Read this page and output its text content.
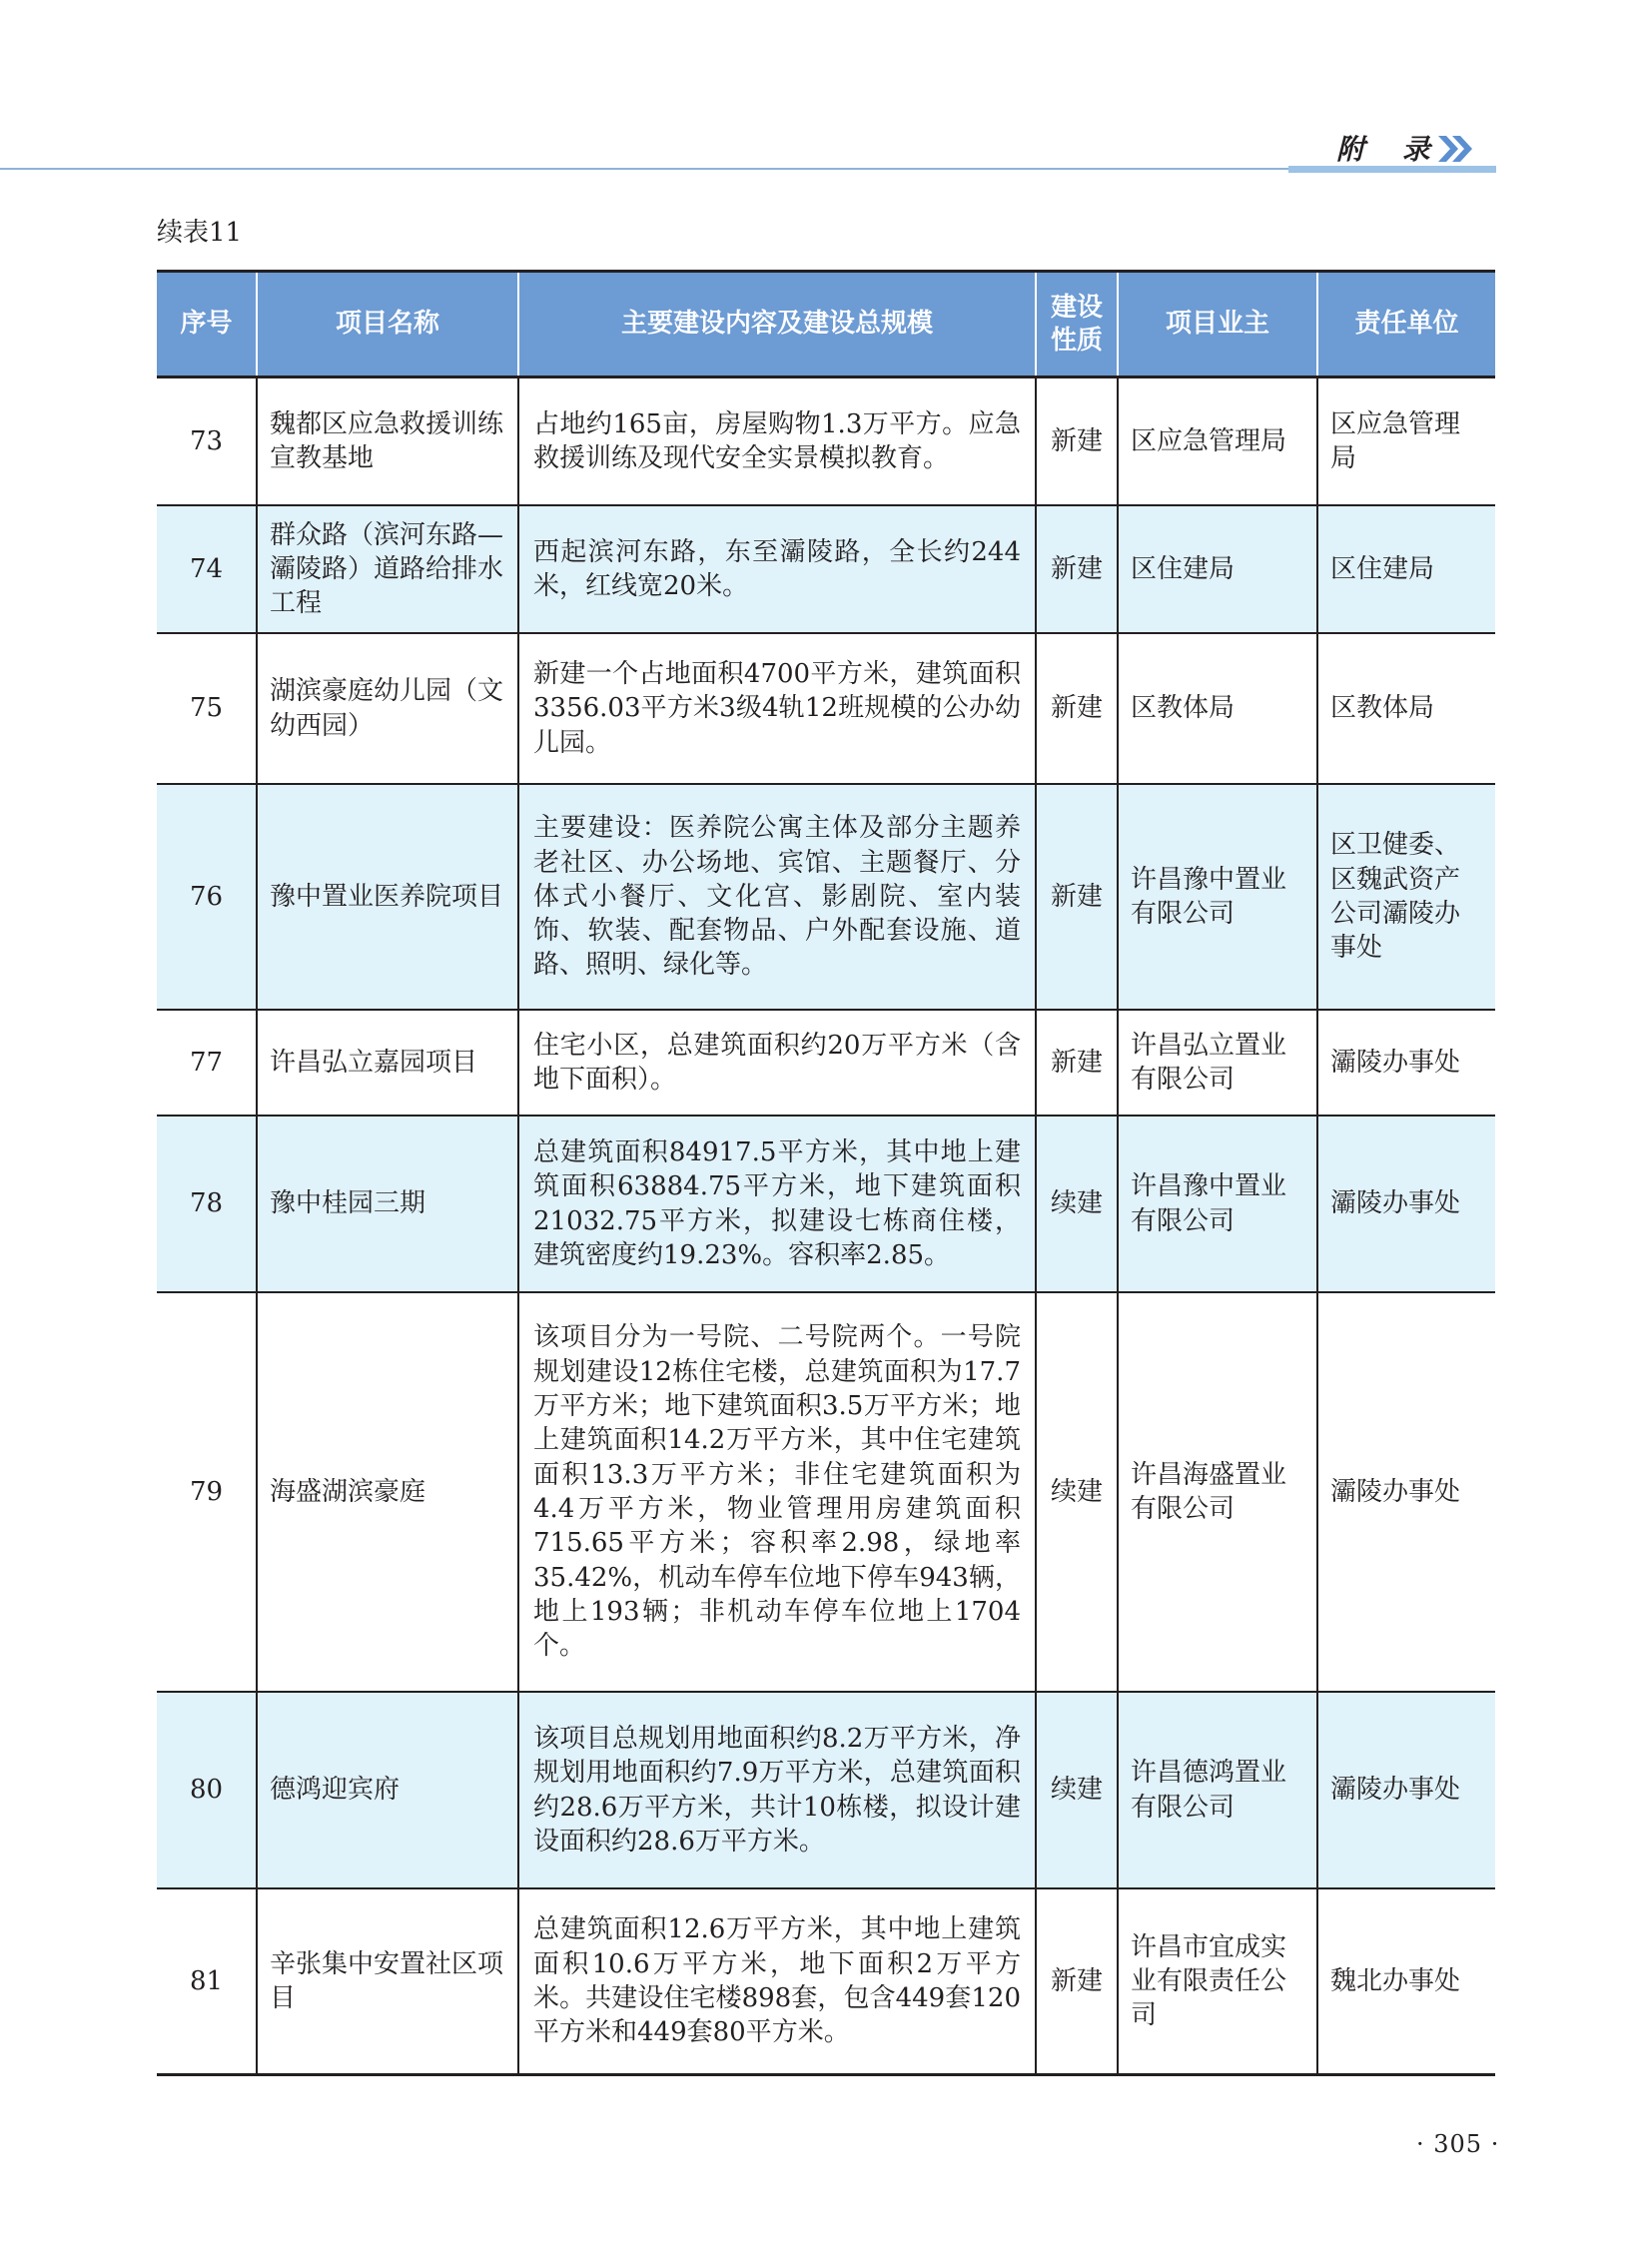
附 录
续表11
序号	项目名称	主要建设内容及建设总规模	建设性质	项目业主	责任单位
73	魏都区应急救援训练宣教基地	占地约165亩，房屋购物1.3万平方。应急救援训练及现代安全实景模拟教育。	新建	区应急管理局	区应急管理局
74	群众路（滨河东路—灞陵路）道路给排水工程	西起滨河东路，东至灞陵路，全长约244米，红线宽20米。	新建	区住建局	区住建局
75	湖滨豪庭幼儿园（文幼西园）	新建一个占地面积4700平方米，建筑面积3356.03平方米3级4轨12班规模的公办幼儿园。	新建	区教体局	区教体局
76	豫中置业医养院项目	主要建设：医养院公寓主体及部分主题养老社区、办公场地、宾馆、主题餐厅、分体式小餐厅、文化宫、影剧院、室内装饰、软装、配套物品、户外配套设施、道路、照明、绿化等。	新建	许昌豫中置业有限公司	区卫健委、区魏武资产公司灞陵办事处
77	许昌弘立嘉园项目	住宅小区，总建筑面积约20万平方米（含地下面积）。	新建	许昌弘立置业有限公司	灞陵办事处
78	豫中桂园三期	总建筑面积84917.5平方米，其中地上建筑面积63884.75平方米，地下建筑面积21032.75平方米，拟建设七栋商住楼，建筑密度约19.23%。容积率2.85。	续建	许昌豫中置业有限公司	灞陵办事处
79	海盛湖滨豪庭	该项目分为一号院、二号院两个。一号院规划建设12栋住宅楼，总建筑面积为17.7万平方米；地下建筑面积3.5万平方米；地上建筑面积14.2万平方米，其中住宅建筑面积13.3万平方米；非住宅建筑面积为4.4万平方米，物业管理用房建筑面积715.65平方米；容积率2.98，绿地率35.42%，机动车停车位地下停车943辆，地上193辆；非机动车停车位地上1704个。	续建	许昌海盛置业有限公司	灞陵办事处
80	德鸿迎宾府	该项目总规划用地面积约8.2万平方米，净规划用地面积约7.9万平方米，总建筑面积约28.6万平方米，共计10栋楼，拟设计建设面积约28.6万平方米。	续建	许昌德鸿置业有限公司	灞陵办事处
81	辛张集中安置社区项目	总建筑面积12.6万平方米，其中地上建筑面积10.6万平方米，地下面积2万平方米。共建设住宅楼898套，包含449套120平方米和449套80平方米。	新建	许昌市宜成实业有限责任公司	魏北办事处
· 305 ·
